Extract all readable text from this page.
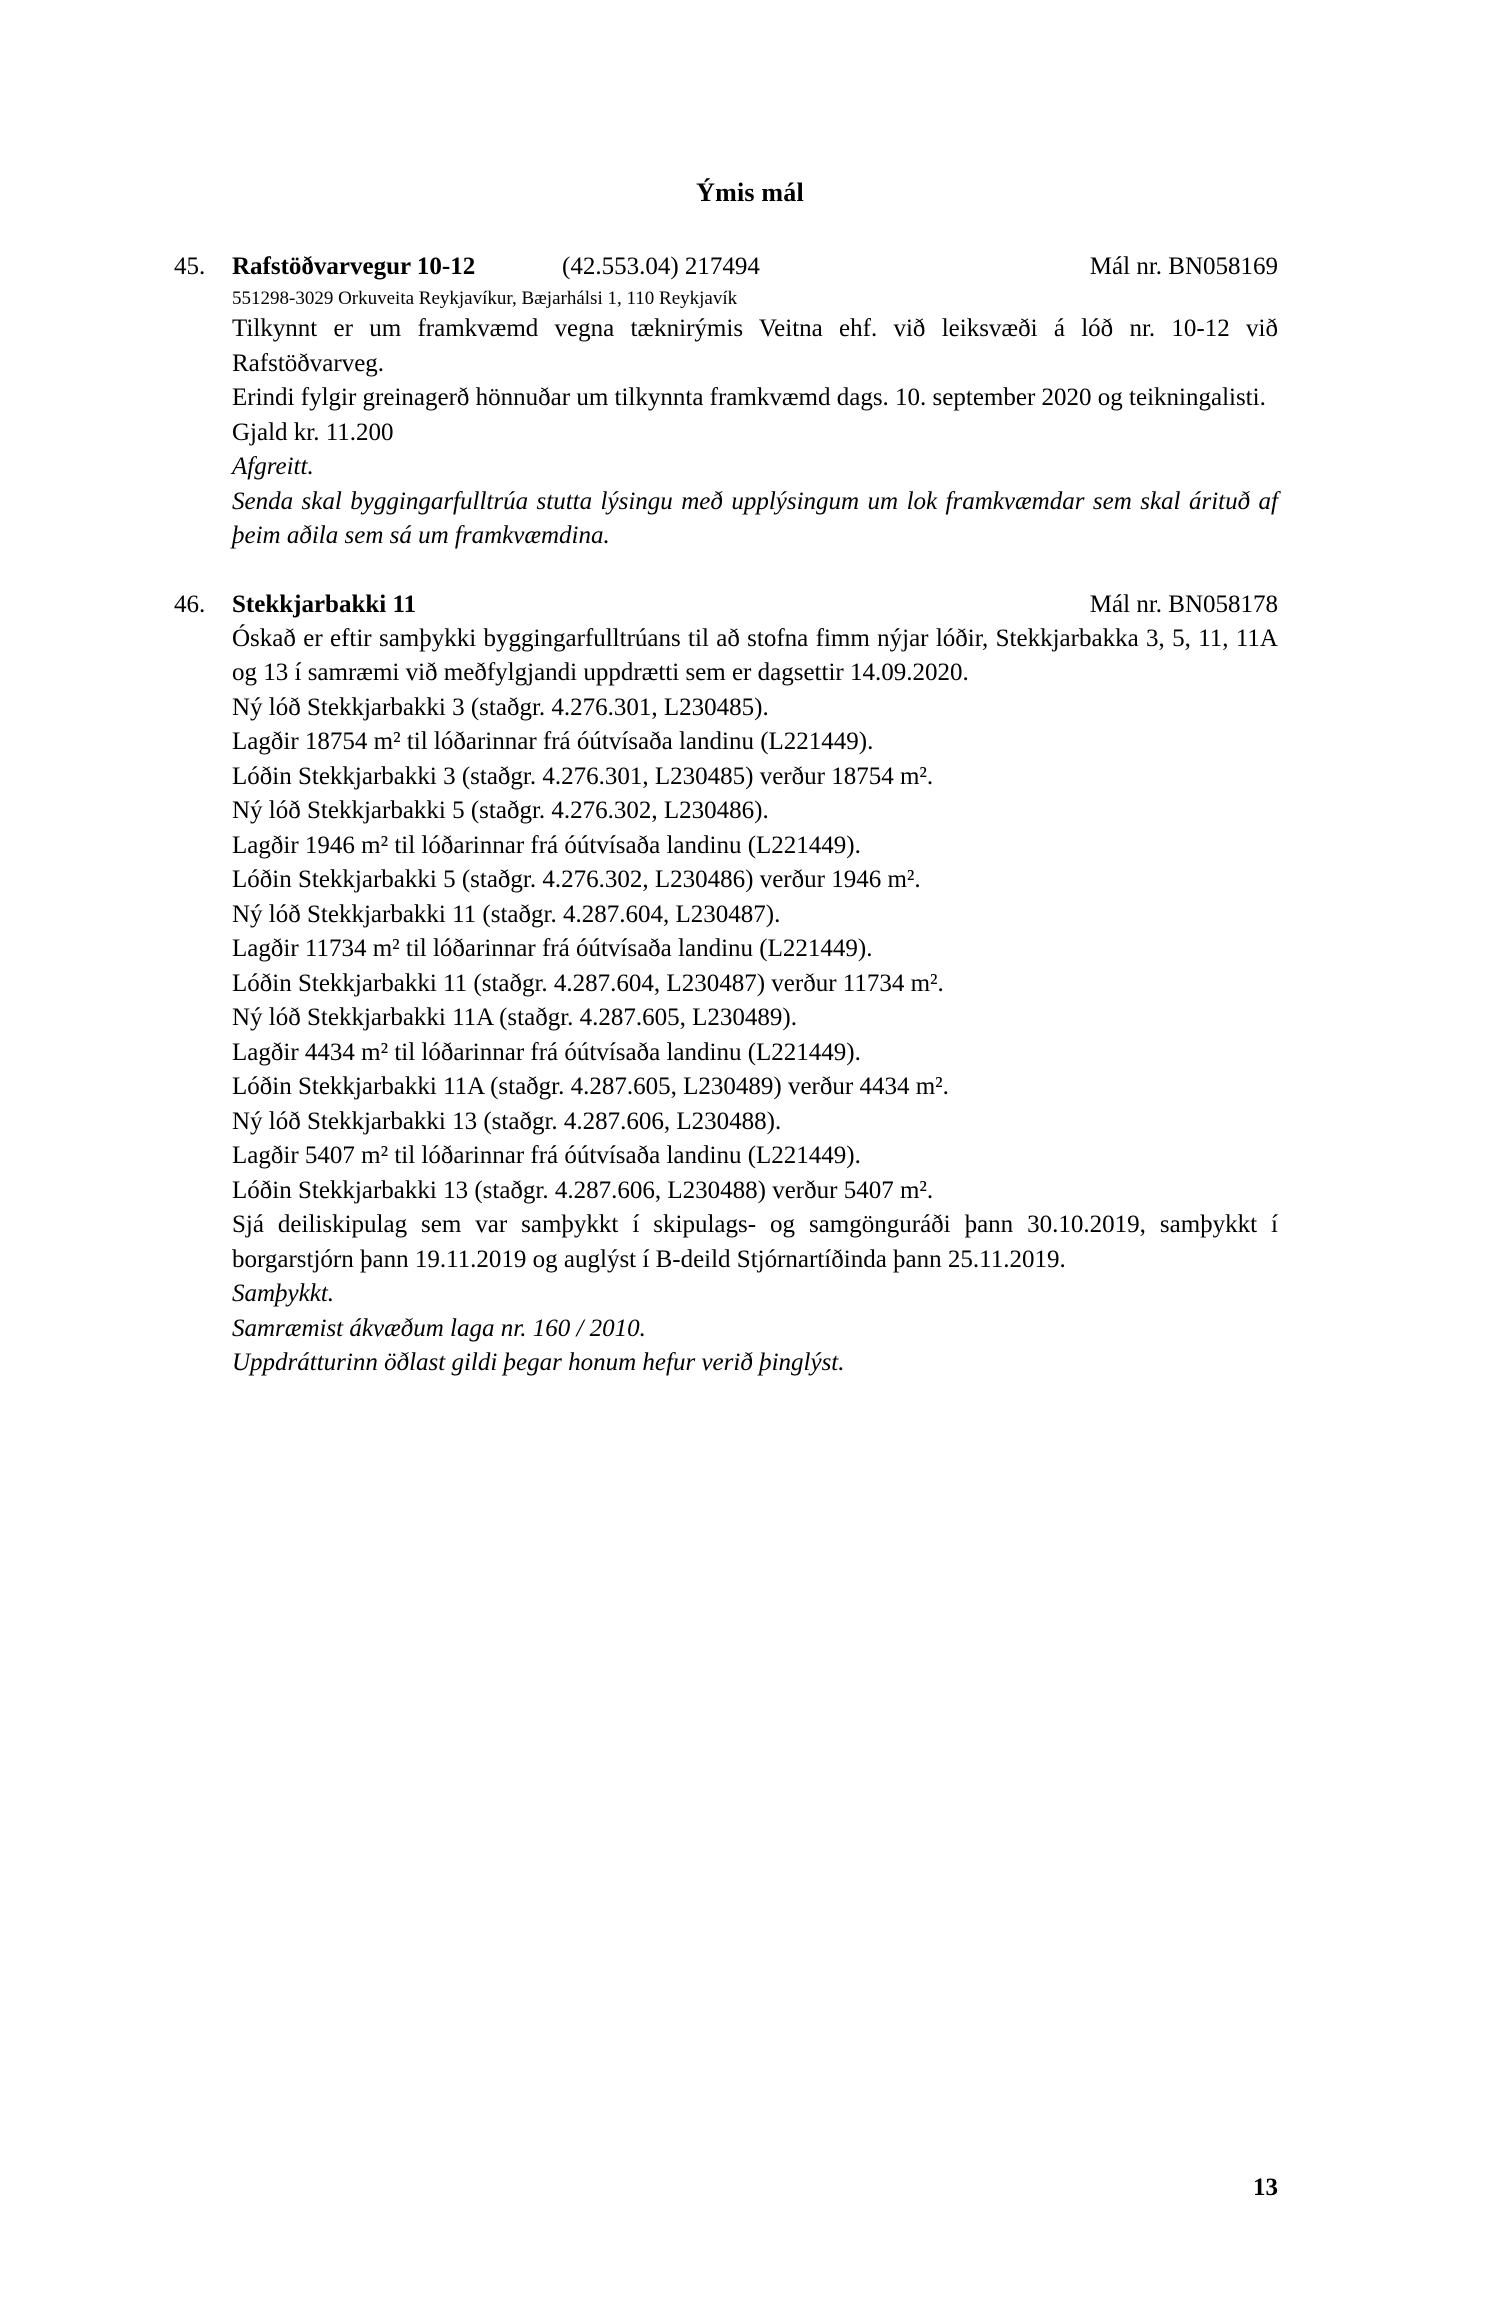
Ýmis mál
45. Rafstöðvarvegur 10-12	(42.553.04) 217494	Mál nr. BN058169
551298-3029 Orkuveita Reykjavíkur, Bæjarhálsi 1, 110 Reykjavík

Tilkynnt er um framkvæmd vegna tæknirýmis Veitna ehf. við leiksvæði á lóð nr. 10-12 við Rafstöðvarveg.

Erindi fylgir greinagerð hönnuðar um tilkynnta framkvæmd dags. 10. september 2020 og teikningalisti.

Gjald kr. 11.200

Afgreitt.

Senda skal byggingarfulltrúa stutta lýsingu með upplýsingum um lok framkvæmdar sem skal árituð af þeim aðila sem sá um framkvæmdina.

46. Stekkjarbakki 11	Mál nr. BN058178

Óskað er eftir samþykki byggingarfulltrúans til að stofna fimm nýjar lóðir, Stekkjarbakka 3, 5, 11, 11A og 13 í samræmi við meðfylgjandi uppdrætti sem er dagsettir 14.09.2020.

Ný lóð Stekkjarbakki 3 (staðgr. 4.276.301, L230485).

Lagðir 18754 m² til lóðarinnar frá óútvísaða landinu (L221449).

Lóðin Stekkjarbakki 3 (staðgr. 4.276.301, L230485) verður 18754 m².

Ný lóð Stekkjarbakki 5 (staðgr. 4.276.302, L230486).

Lagðir 1946 m² til lóðarinnar frá óútvísaða landinu (L221449).

Lóðin Stekkjarbakki 5 (staðgr. 4.276.302, L230486) verður 1946 m².

Ný lóð Stekkjarbakki 11 (staðgr. 4.287.604, L230487).

Lagðir 11734 m² til lóðarinnar frá óútvísaða landinu (L221449).

Lóðin Stekkjarbakki 11 (staðgr. 4.287.604, L230487) verður 11734 m².

Ný lóð Stekkjarbakki 11A (staðgr. 4.287.605, L230489).

Lagðir 4434 m² til lóðarinnar frá óútvísaða landinu (L221449).

Lóðin Stekkjarbakki 11A (staðgr. 4.287.605, L230489) verður 4434 m².

Ný lóð Stekkjarbakki 13 (staðgr. 4.287.606, L230488).

Lagðir 5407 m² til lóðarinnar frá óútvísaða landinu (L221449).

Lóðin Stekkjarbakki 13 (staðgr. 4.287.606, L230488) verður 5407 m².

Sjá deiliskipulag sem var samþykkt í skipulags- og samgönguráði þann 30.10.2019, samþykkt í borgarstjórn þann 19.11.2019 og auglýst í B-deild Stjórnartíðinda þann 25.11.2019.

Samþykkt.

Samræmist ákvæðum laga nr. 160 / 2010.

Uppdrátturinn öðlast gildi þegar honum hefur verið þinglýst.

13
